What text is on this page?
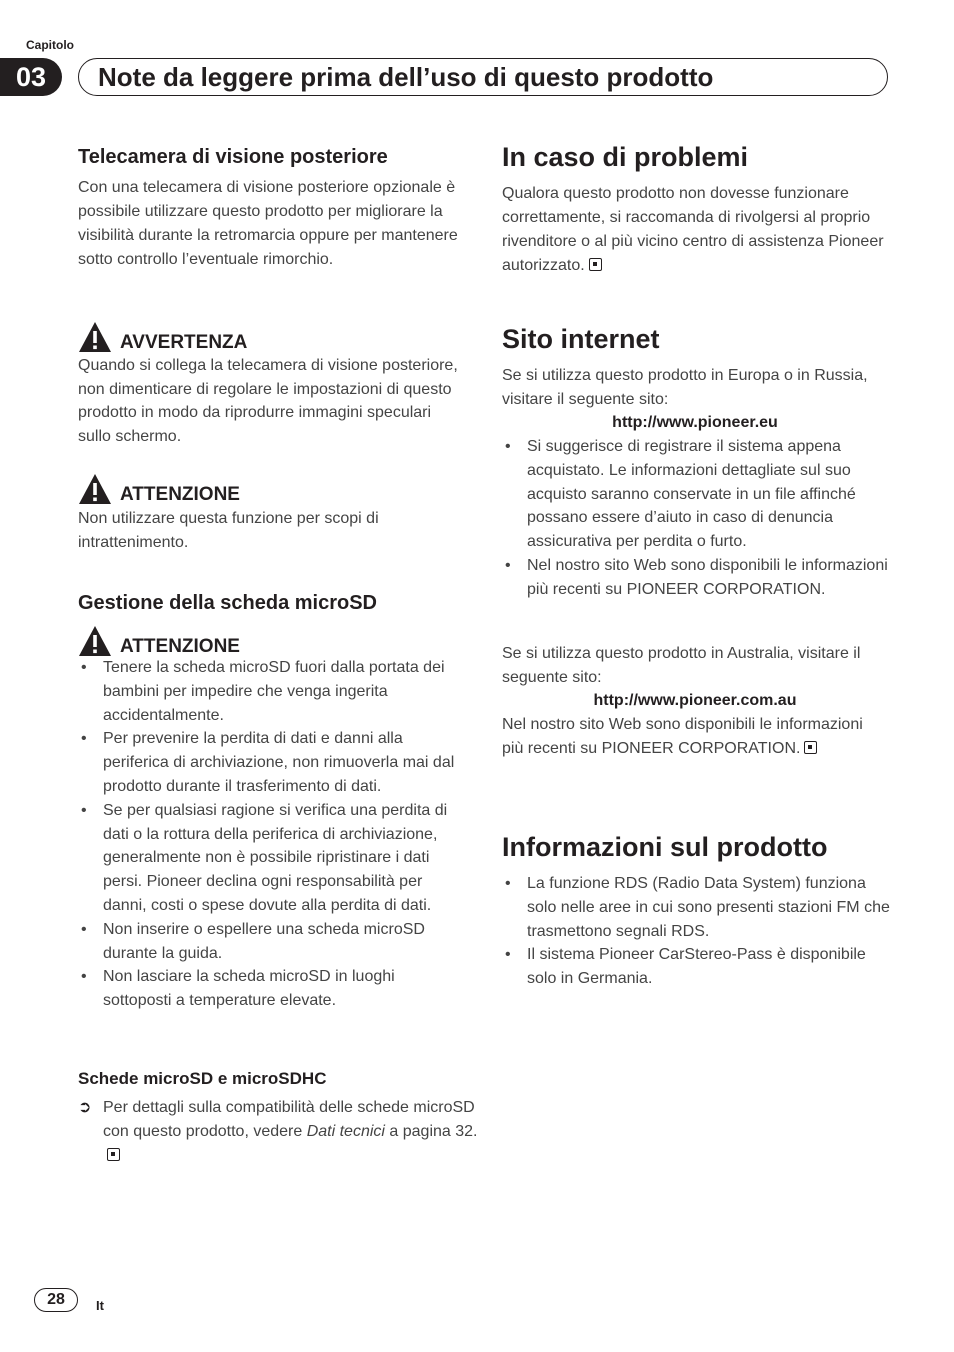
Capitolo
03	Note da leggere prima dell’uso di questo prodotto
Telecamera di visione posteriore
Con una telecamera di visione posteriore opzionale è possibile utilizzare questo prodotto per migliorare la visibilità durante la retromarcia oppure per mantenere sotto controllo l’eventuale rimorchio.
AVVERTENZA
Quando si collega la telecamera di visione posteriore, non dimenticare di regolare le impostazioni di questo prodotto in modo da riprodurre immagini speculari sullo schermo.
ATTENZIONE
Non utilizzare questa funzione per scopi di intrattenimento.
Gestione della scheda microSD
ATTENZIONE
• Tenere la scheda microSD fuori dalla portata dei bambini per impedire che venga ingerita accidentalmente.
• Per prevenire la perdita di dati e danni alla periferica di archiviazione, non rimuoverla mai dal prodotto durante il trasferimento di dati.
• Se per qualsiasi ragione si verifica una perdita di dati o la rottura della periferica di archiviazione, generalmente non è possibile ripristinare i dati persi. Pioneer declina ogni responsabilità per danni, costi o spese dovute alla perdita di dati.
• Non inserire o espellere una scheda microSD durante la guida.
• Non lasciare la scheda microSD in luoghi sottoposti a temperature elevate.
Schede microSD e microSDHC
➲ Per dettagli sulla compatibilità delle schede microSD con questo prodotto, vedere Dati tecnici a pagina 32.
In caso di problemi
Qualora questo prodotto non dovesse funzionare correttamente, si raccomanda di rivolgersi al proprio rivenditore o al più vicino centro di assistenza Pioneer autorizzato.
Sito internet
Se si utilizza questo prodotto in Europa o in Russia, visitare il seguente sito:
http://www.pioneer.eu
• Si suggerisce di registrare il sistema appena acquistato. Le informazioni dettagliate sul suo acquisto saranno conservate in un file affinché possano essere d’aiuto in caso di denuncia assicurativa per perdita o furto.
• Nel nostro sito Web sono disponibili le informazioni più recenti su PIONEER CORPORATION.
Se si utilizza questo prodotto in Australia, visitare il seguente sito:
http://www.pioneer.com.au
Nel nostro sito Web sono disponibili le informazioni più recenti su PIONEER CORPORATION.
Informazioni sul prodotto
• La funzione RDS (Radio Data System) funziona solo nelle aree in cui sono presenti stazioni FM che trasmettono segnali RDS.
• Il sistema Pioneer CarStereo-Pass è disponibile solo in Germania.
28	It
